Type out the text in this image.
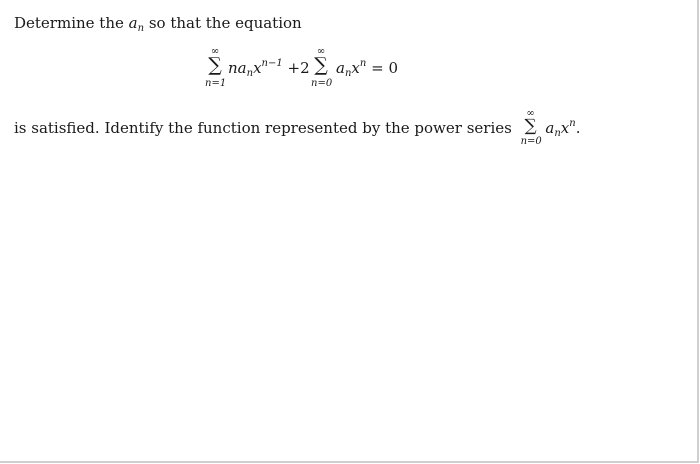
Determine the $a_n$ so that the equation
∞
∑
n=1
$na_nx^{n-1} +2$
∞
∑
n=0
$a_nx^n = 0$
is satisfied. Identify the function represented by the power series
∞
∑
n=0
$a_nx^n$.
